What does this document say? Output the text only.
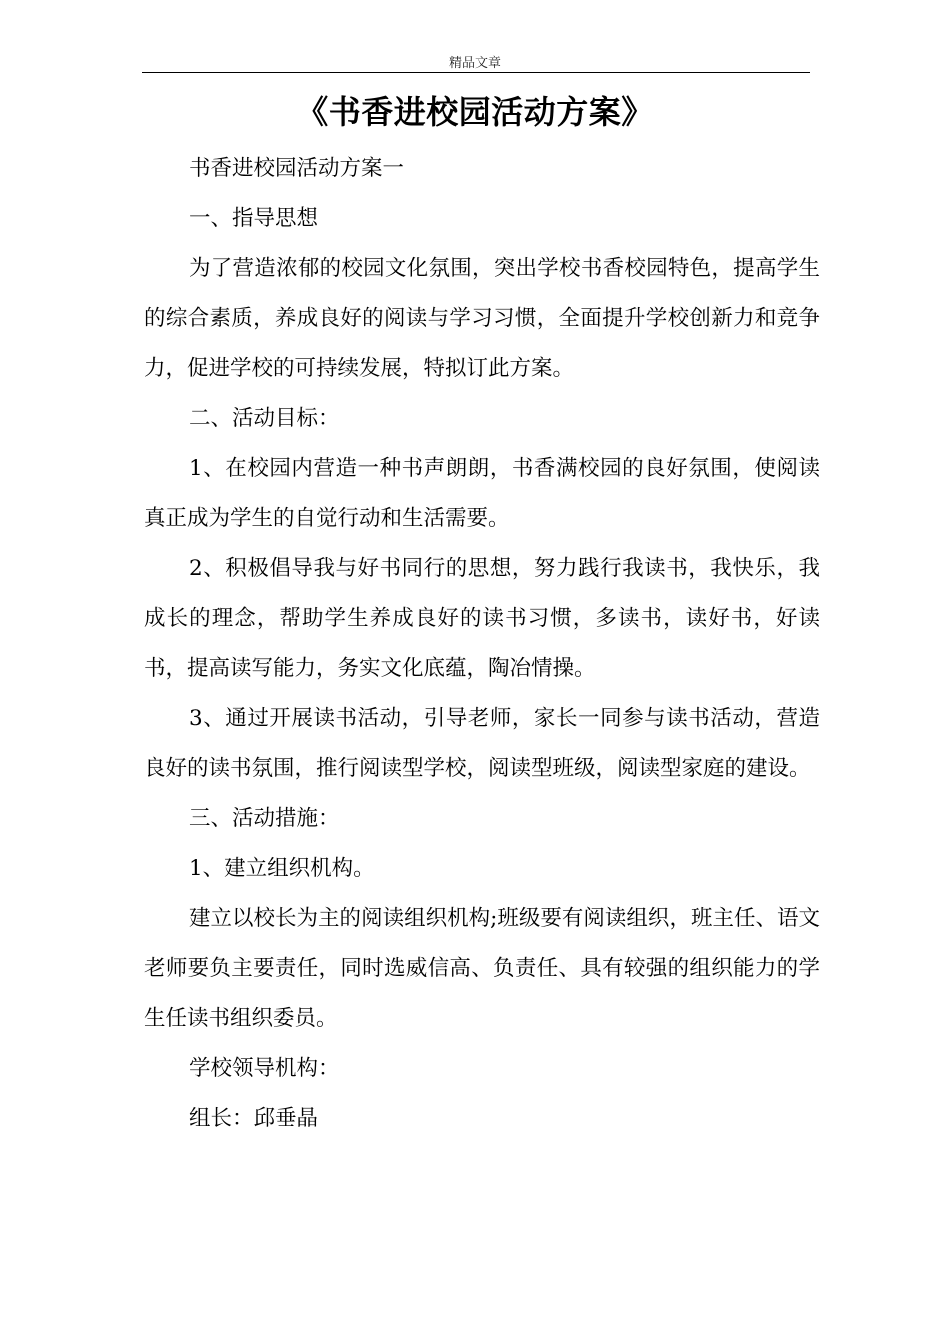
精品文章
《书香进校园活动方案》

书香进校园活动方案一

一、指导思想

为了营造浓郁的校园文化氛围，突出学校书香校园特色，提高学生的综合素质，养成良好的阅读与学习习惯，全面提升学校创新力和竞争力，促进学校的可持续发展，特拟订此方案。

二、活动目标：

1、在校园内营造一种书声朗朗，书香满校园的良好氛围，使阅读真正成为学生的自觉行动和生活需要。

2、积极倡导我与好书同行的思想，努力践行我读书，我快乐，我成长的理念，帮助学生养成良好的读书习惯，多读书，读好书，好读书，提高读写能力，务实文化底蕴，陶冶情操。

3、通过开展读书活动，引导老师，家长一同参与读书活动，营造良好的读书氛围，推行阅读型学校，阅读型班级，阅读型家庭的建设。

三、活动措施：

1、建立组织机构。

建立以校长为主的阅读组织机构;班级要有阅读组织，班主任、语文老师要负主要责任，同时选威信高、负责任、具有较强的组织能力的学生任读书组织委员。

学校领导机构：

组长：邱垂晶
